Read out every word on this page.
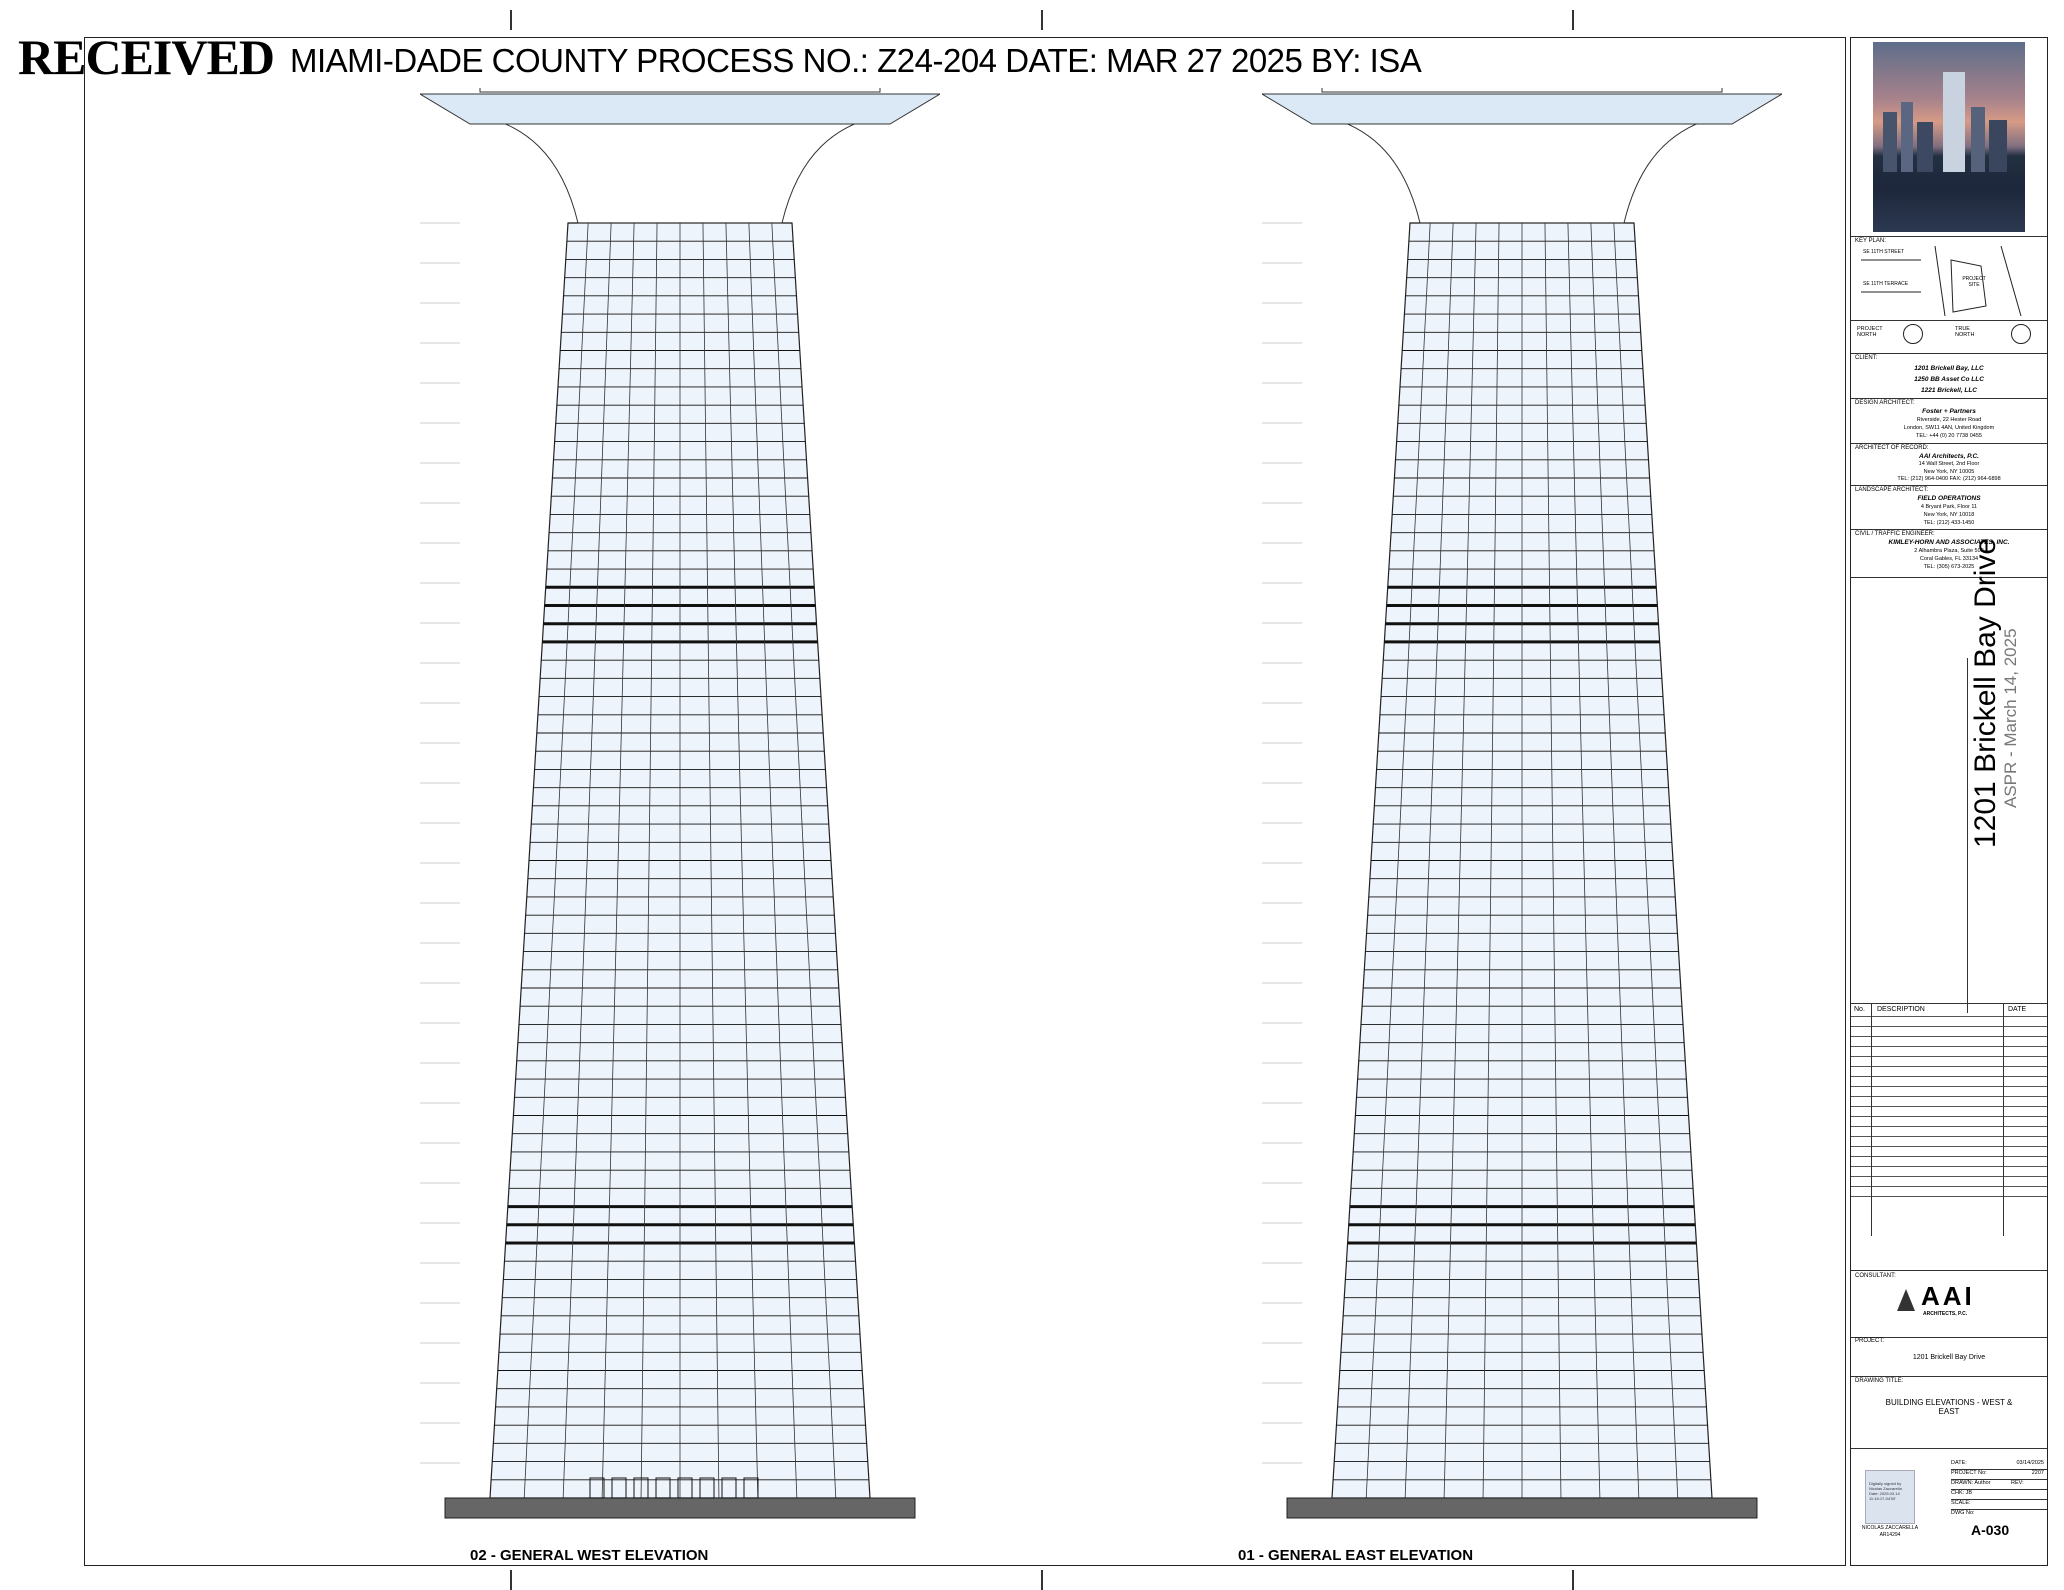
RECEIVED MIAMI-DADE COUNTY PROCESS NO.: Z24-204 DATE: MAR 27 2025 BY: ISA
02 - GENERAL WEST ELEVATION	01 - GENERAL EAST ELEVATION

KEY PLAN:
SE 11TH STREET
SE 11TH TERRACE
PROJECT SITE
PROJECT NORTH
TRUE NORTH
CLIENT:
1201 Brickell Bay, LLC
1250 BB Asset Co LLC
1221 Brickell, LLC
DESIGN ARCHITECT:
Foster + Partners
Riverside, 22 Hester Road
London, SW11 4AN, United Kingdom
TEL: +44 (0) 20 7738 0455
ARCHITECT OF RECORD:
AAI Architects, P.C.
14 Wall Street, 2nd Floor
New York, NY 10005
TEL: (212) 964-0400 FAX: (212) 964-6898
LANDSCAPE ARCHITECT:
FIELD OPERATIONS
4 Bryant Park, Floor 11
New York, NY 10018
TEL: (212) 433-1450
CIVIL / TRAFFIC ENGINEER:
KIMLEY-HORN AND ASSOCIATES, INC.
2 Alhambra Plaza, Suite 500
Coral Gables, FL 33134
TEL: (305) 673-2025
1201 Brickell Bay Drive ASPR - March 14, 2025
No. DESCRIPTION	DATE
CONSULTANT:
AAI
ARCHITECTS, P.C.
PROJECT:
1201 Brickell Bay Drive
DRAWING TITLE:
BUILDING ELEVATIONS - WEST & EAST
Digitally signed by Nicolas Zaccarella Date: 2025.03.14 11:16:17-04'00'
NICOLAS ZACCARELLA
AR14294
DATE:	03/14/2025
PROJECT No:	2207
DRAWN: Author	REV:
CHK: JB
SCALE:
DWG No:
A-030
